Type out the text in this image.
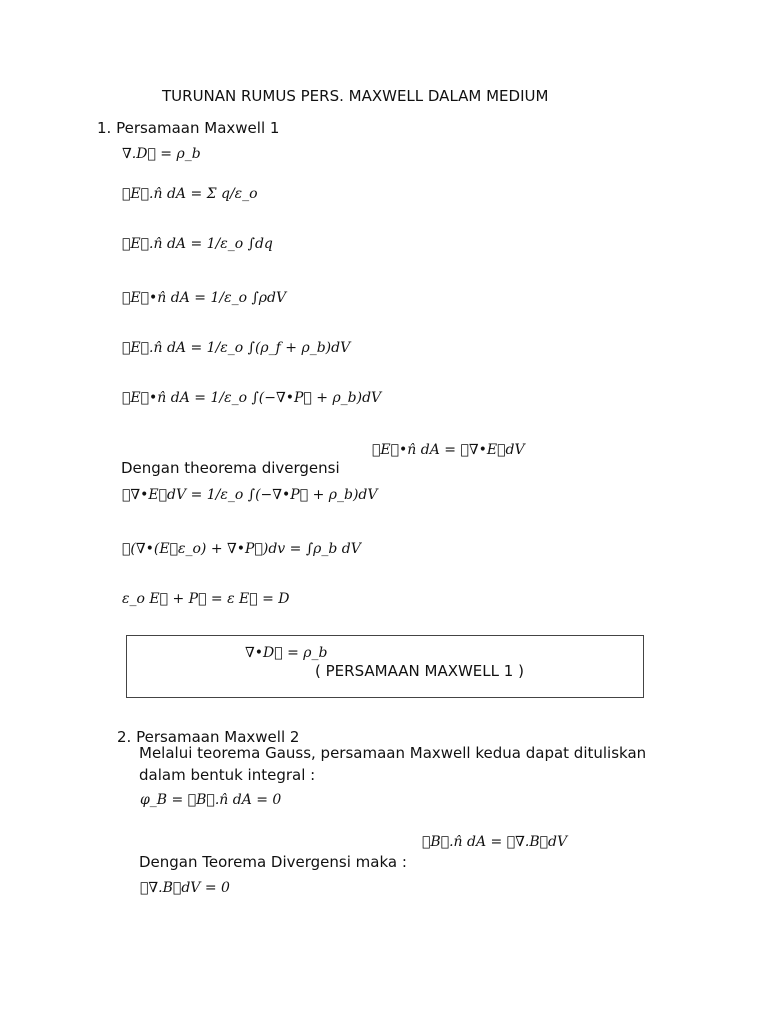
TURUNAN RUMUS PERS. MAXWELL DALAM MEDIUM
1. Persamaan Maxwell 1
∇.D⃗ = ρ_b
∮E⃗.n̂ dA = Σ q/ε_o
∮E⃗.n̂ dA = 1/ε_o ∫dq
∮E⃗•n̂ dA = 1/ε_o ∫ρdV
∮E⃗.n̂ dA = 1/ε_o ∫(ρ_f + ρ_b)dV
∮E⃗•n̂ dA = 1/ε_o ∫(−∇•P⃗ + ρ_b)dV
∮E⃗•n̂ dA = ∮∇•E⃗dV
Dengan theorema divergensi
∮∇•E⃗dV = 1/ε_o ∫(−∇•P⃗ + ρ_b)dV
∮(∇•(E⃗ε_o) + ∇•P⃗)dv = ∫ρ_b dV
ε_o E⃗ + P⃗ = ε E⃗ = D
∇•D⃗ = ρ_b
( PERSAMAAN MAXWELL 1 )
2. Persamaan Maxwell 2
Melalui teorema Gauss, persamaan Maxwell kedua dapat dituliskan
dalam bentuk integral :
φ_B = ∮B⃗.n̂ dA = 0
∮B⃗.n̂ dA = ∮∇.B⃗dV
Dengan Teorema Divergensi maka :
∮∇.B⃗dV = 0
